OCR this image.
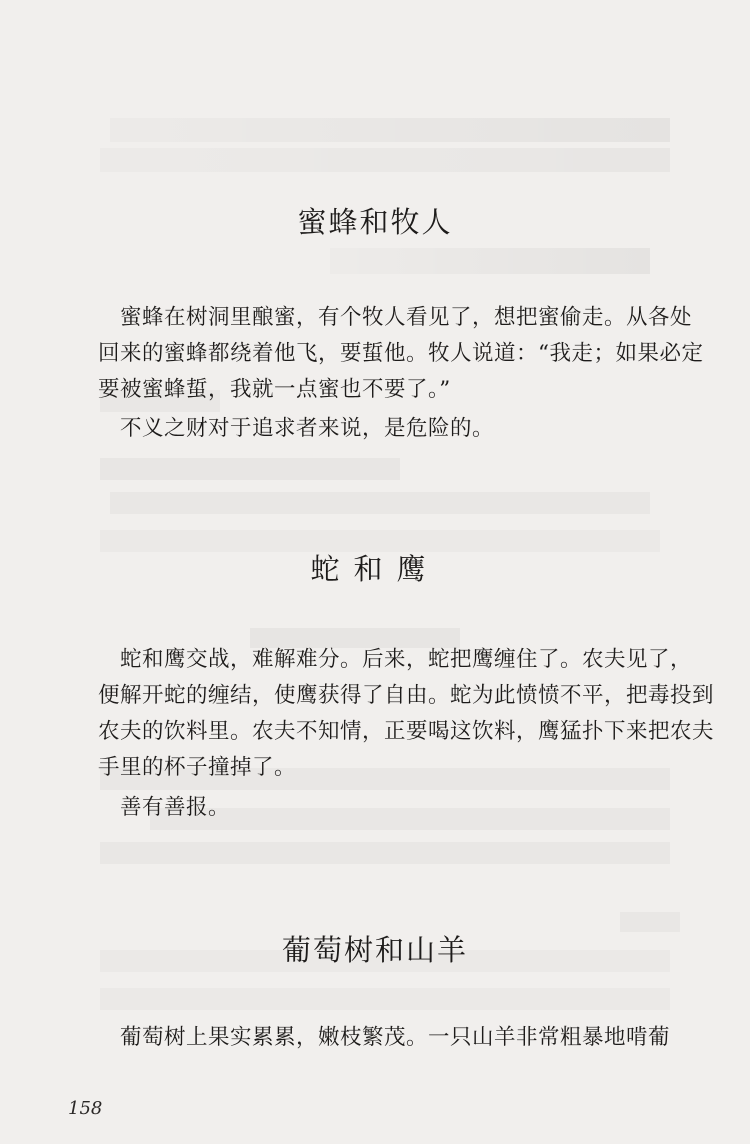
蜜蜂和牧人
蜜蜂在树洞里酿蜜，有个牧人看见了，想把蜜偷走。从各处
回来的蜜蜂都绕着他飞，要蜇他。牧人说道：“我走；如果必定
要被蜜蜂蜇，我就一点蜜也不要了。”
不义之财对于追求者来说，是危险的。
蛇和鹰
蛇和鹰交战，难解难分。后来，蛇把鹰缠住了。农夫见了，
便解开蛇的缠结，使鹰获得了自由。蛇为此愤愤不平，把毒投到
农夫的饮料里。农夫不知情，正要喝这饮料，鹰猛扑下来把农夫
手里的杯子撞掉了。
善有善报。
葡萄树和山羊
葡萄树上果实累累，嫩枝繁茂。一只山羊非常粗暴地啃葡
158
